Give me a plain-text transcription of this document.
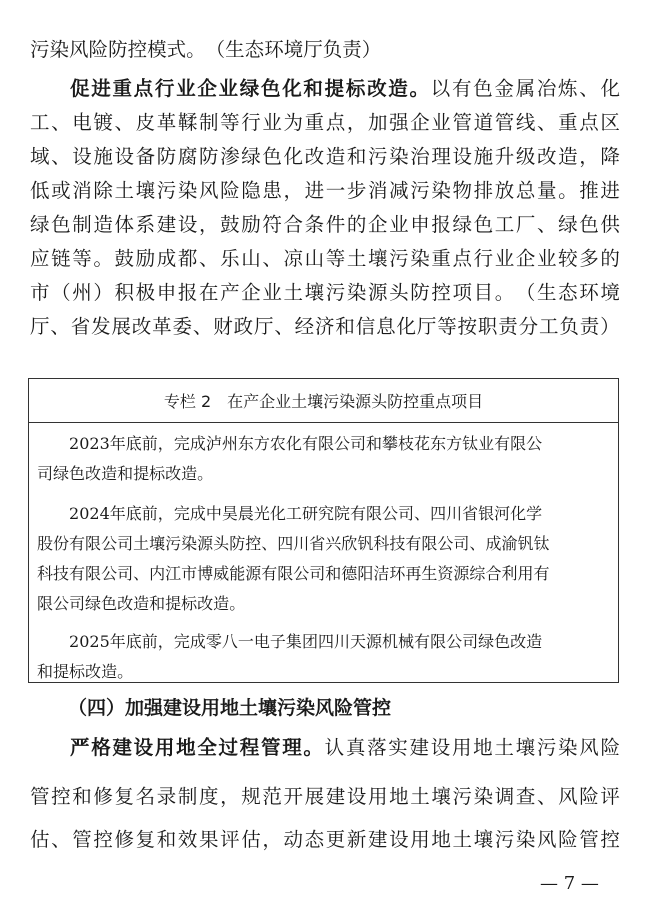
污 染 风 险 防 控 模 式 。 （ 生 态 环 境 厅 负 责 ）
促 进 重 点 行 业 企 业 绿 色 化 和 提 标 改 造 。 以 有 色 金 属 冶 炼 、 化
工 、 电 镀 、 皮 革 鞣 制 等 行 业 为 重 点 ， 加 强 企 业 管 道 管 线 、 重 点 区
域 、 设 施 设 备 防 腐 防 渗 绿 色 化 改 造 和 污 染 治 理 设 施 升 级 改 造 ， 降
低 或 消 除 土 壤 污 染 风 险 隐 患 ， 进 一 步 消 减 污 染 物 排 放 总 量 。 推 进
绿 色 制 造 体 系 建 设 ， 鼓 励 符 合 条 件 的 企 业 申 报 绿 色 工 厂 、 绿 色 供
应 链 等 。 鼓 励 成 都 、 乐 山 、 凉 山 等 土 壤 污 染 重 点 行 业 企 业 较 多 的
市 （ 州 ） 积 极 申 报 在 产 企 业 土 壤 污 染 源 头 防 控 项 目 。 （ 生 态 环 境
厅 、 省 发 展 改 革 委 、 财 政 厅 、 经 济 和 信 息 化 厅 等 按 职 责 分 工 负 责 ）
专栏 2　在产企业土壤污染源头防控重点项目
2023年底前，完成泸州东方农化有限公司和攀枝花东方钛业有限公
司绿色改造和提标改造。
2024年底前，完成中昊晨光化工研究院有限公司、四川省银河化学
股份有限公司土壤污染源头防控、四川省兴欣钒科技有限公司、成渝钒钛
科技有限公司、内江市博威能源有限公司和德阳洁环再生资源综合利用有
限公司绿色改造和提标改造。
2025年底前，完成零八一电子集团四川天源机械有限公司绿色改造
和提标改造。
（四）加强建设用地土壤污染风险管控
严 格 建 设 用 地 全 过 程 管 理 。 认 真 落 实 建 设 用 地 土 壤 污 染 风 险
管 控 和 修 复 名 录 制 度 ， 规 范 开 展 建 设 用 地 土 壤 污 染 调 查 、 风 险 评
估 、 管 控 修 复 和 效 果 评 估 ， 动 态 更 新 建 设 用 地 土 壤 污 染 风 险 管 控
— 7 —
